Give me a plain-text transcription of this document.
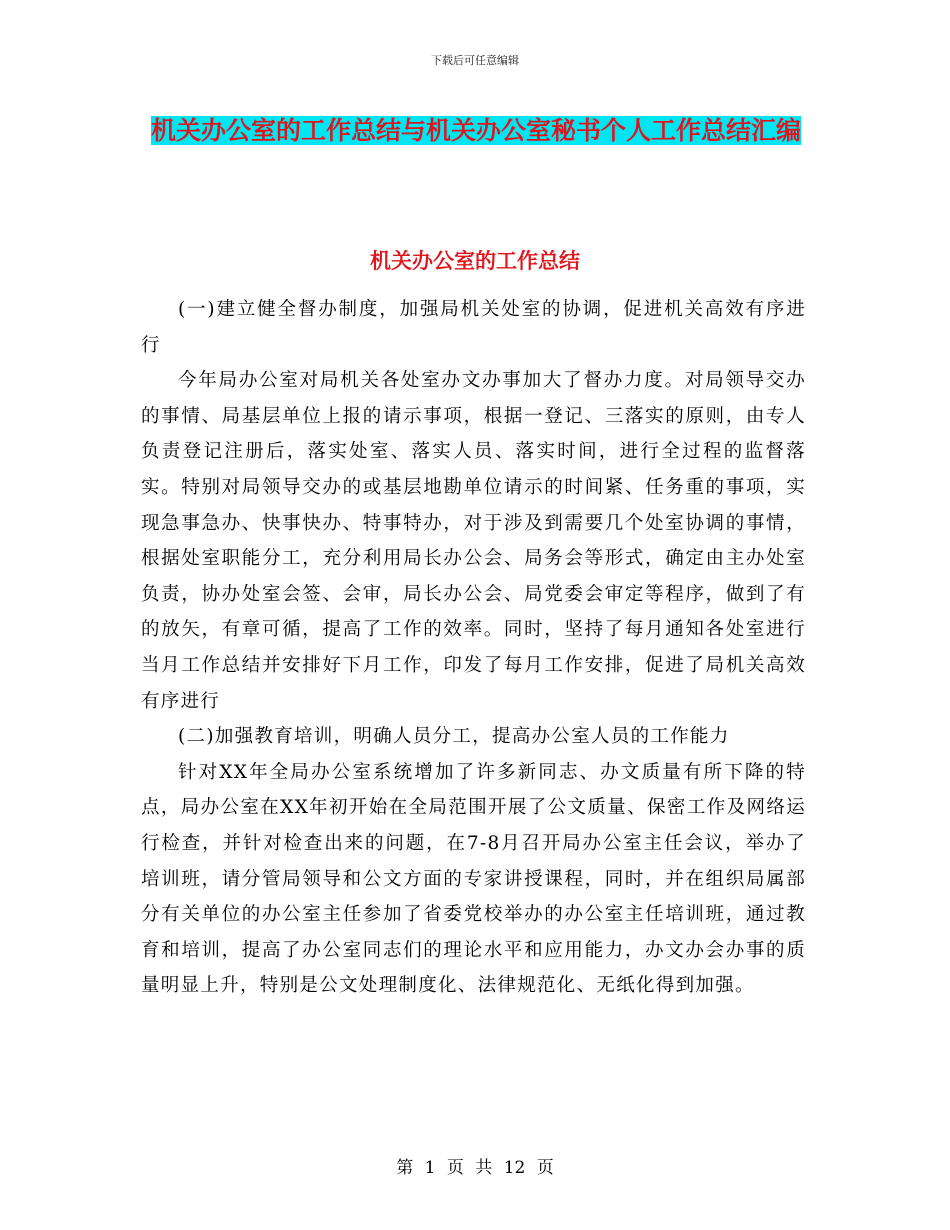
下载后可任意编辑
机关办公室的工作总结与机关办公室秘书个人工作总结汇编
机关办公室的工作总结

(一)建立健全督办制度，加强局机关处室的协调，促进机关高效有序进行

今年局办公室对局机关各处室办文办事加大了督办力度。对局领导交办的事情、局基层单位上报的请示事项，根据一登记、三落实的原则，由专人负责登记注册后，落实处室、落实人员、落实时间，进行全过程的监督落实。特别对局领导交办的或基层地勘单位请示的时间紧、任务重的事项，实现急事急办、快事快办、特事特办，对于涉及到需要几个处室协调的事情，根据处室职能分工，充分利用局长办公会、局务会等形式，确定由主办处室负责，协办处室会签、会审，局长办公会、局党委会审定等程序，做到了有的放矢，有章可循，提高了工作的效率。同时，坚持了每月通知各处室进行当月工作总结并安排好下月工作，印发了每月工作安排，促进了局机关高效有序进行

(二)加强教育培训，明确人员分工，提高办公室人员的工作能力

针对XX年全局办公室系统增加了许多新同志、办文质量有所下降的特点，局办公室在XX年初开始在全局范围开展了公文质量、保密工作及网络运行检查，并针对检查出来的问题，在7-8月召开局办公室主任会议，举办了培训班，请分管局领导和公文方面的专家讲授课程，同时，并在组织局属部分有关单位的办公室主任参加了省委党校举办的办公室主任培训班，通过教育和培训，提高了办公室同志们的理论水平和应用能力，办文办会办事的质量明显上升，特别是公文处理制度化、法律规范化、无纸化得到加强。

第 1 页 共 12 页
